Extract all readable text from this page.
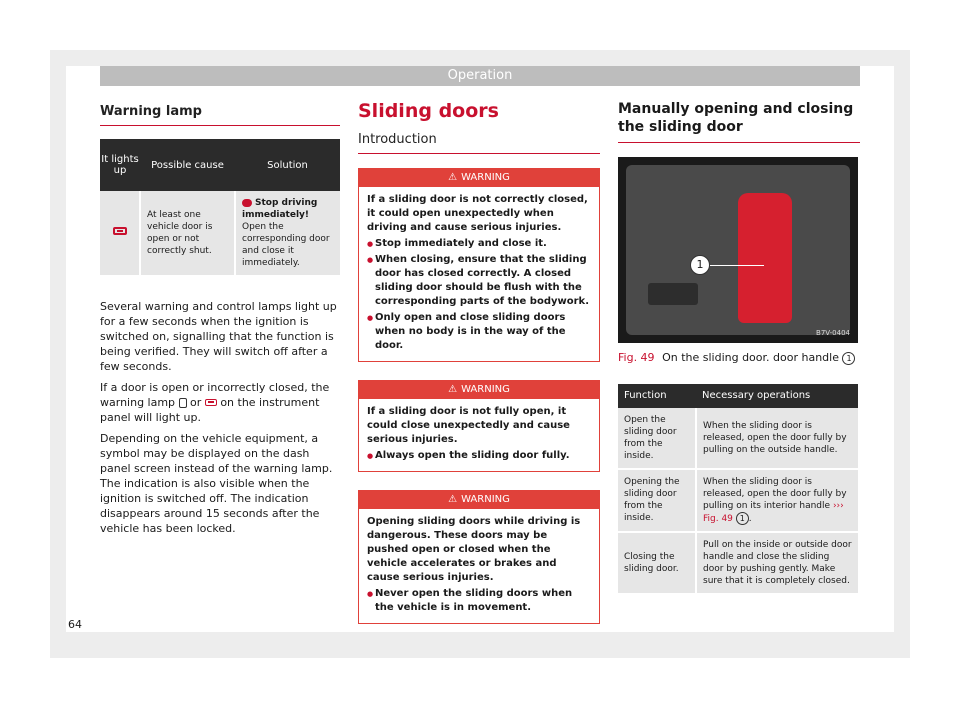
Operation
Warning lamp
It lights up	Possible cause	Solution
	At least one vehicle door is open or not correctly shut.	Stop driving immediately!
Open the corresponding door and close it immediately.

Several warning and control lamps light up for a few seconds when the ignition is switched on, signalling that the function is being verified. They will switch off after a few seconds.

If a door is open or incorrectly closed, the warning lamp or on the instrument panel will light up.

Depending on the vehicle equipment, a symbol may be displayed on the dash panel screen instead of the warning lamp. The indication is also visible when the ignition is switched off. The indication disappears around 15 seconds after the vehicle has been locked.

Sliding doors
Introduction
⚠ WARNING
If a sliding door is not correctly closed, it could open unexpectedly when driving and cause serious injuries.
● Stop immediately and close it.
● When closing, ensure that the sliding door has closed correctly. A closed sliding door should be flush with the corresponding parts of the bodywork.
● Only open and close sliding doors when no body is in the way of the door.
⚠ WARNING
If a sliding door is not fully open, it could close unexpectedly and cause serious injuries.
● Always open the sliding door fully.
⚠ WARNING
Opening sliding doors while driving is dangerous. These doors may be pushed open or closed when the vehicle accelerates or brakes and cause serious injuries.
● Never open the sliding doors when the vehicle is in movement.
Manually opening and closing the sliding door
1
B7V-0404
Fig. 49 On the sliding door. door handle 1
Function	Necessary operations
Open the sliding door from the inside.	When the sliding door is released, open the door fully by pulling on the outside handle.
Opening the sliding door from the inside.	When the sliding door is released, open the door fully by pulling on its interior handle ››› Fig. 49 1 .
Closing the sliding door.	Pull on the inside or outside door handle and close the sliding door by pushing gently. Make sure that it is completely closed.
64
